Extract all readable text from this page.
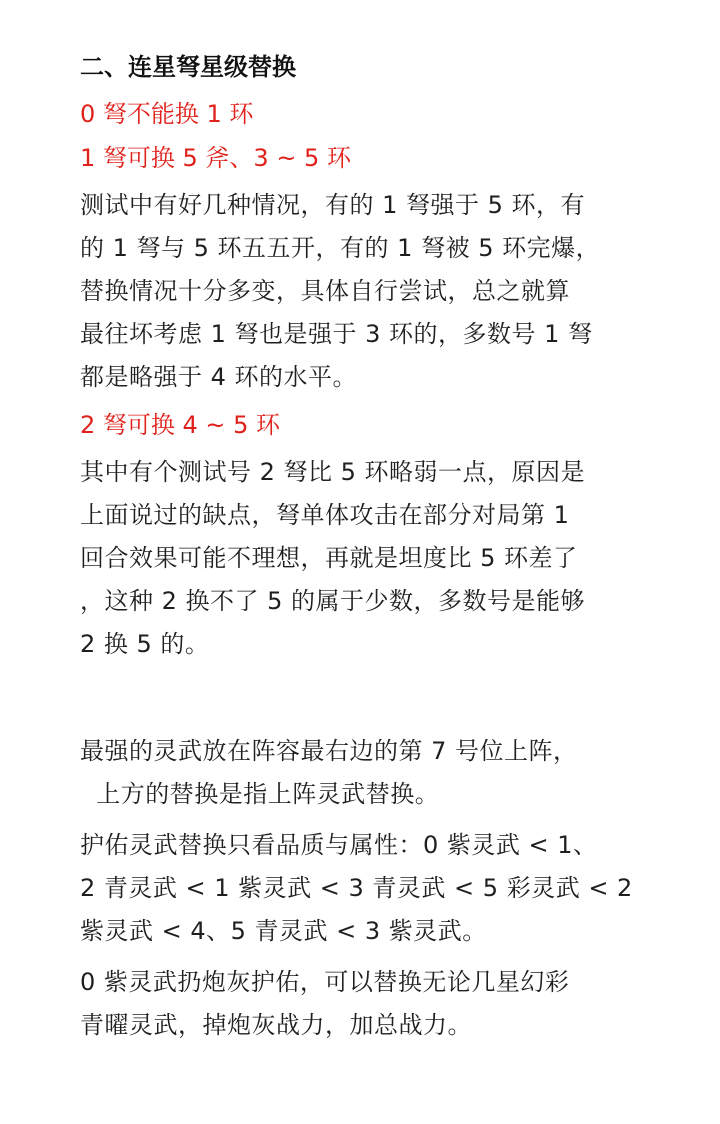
二、连星弩星级替换
0 弩不能换 1 环
1 弩可换 5 斧、3 ~ 5 环
测试中有好几种情况，有的 1 弩强于 5 环，有
的 1 弩与 5 环五五开，有的 1 弩被 5 环完爆，
替换情况十分多变，具体自行尝试，总之就算
最往坏考虑 1 弩也是强于 3 环的，多数号 1 弩
都是略强于 4 环的水平。
2 弩可换 4 ~ 5 环
其中有个测试号 2 弩比 5 环略弱一点，原因是
上面说过的缺点，弩单体攻击在部分对局第 1
回合效果可能不理想，再就是坦度比 5 环差了
，这种 2 换不了 5 的属于少数，多数号是能够
2 换 5 的。
最强的灵武放在阵容最右边的第 7 号位上阵，
上方的替换是指上阵灵武替换。
护佑灵武替换只看品质与属性：0 紫灵武 < 1、
2 青灵武 < 1 紫灵武 < 3 青灵武 < 5 彩灵武 < 2
紫灵武 < 4、5 青灵武 < 3 紫灵武。
0 紫灵武扔炮灰护佑，可以替换无论几星幻彩
青曜灵武，掉炮灰战力，加总战力。
